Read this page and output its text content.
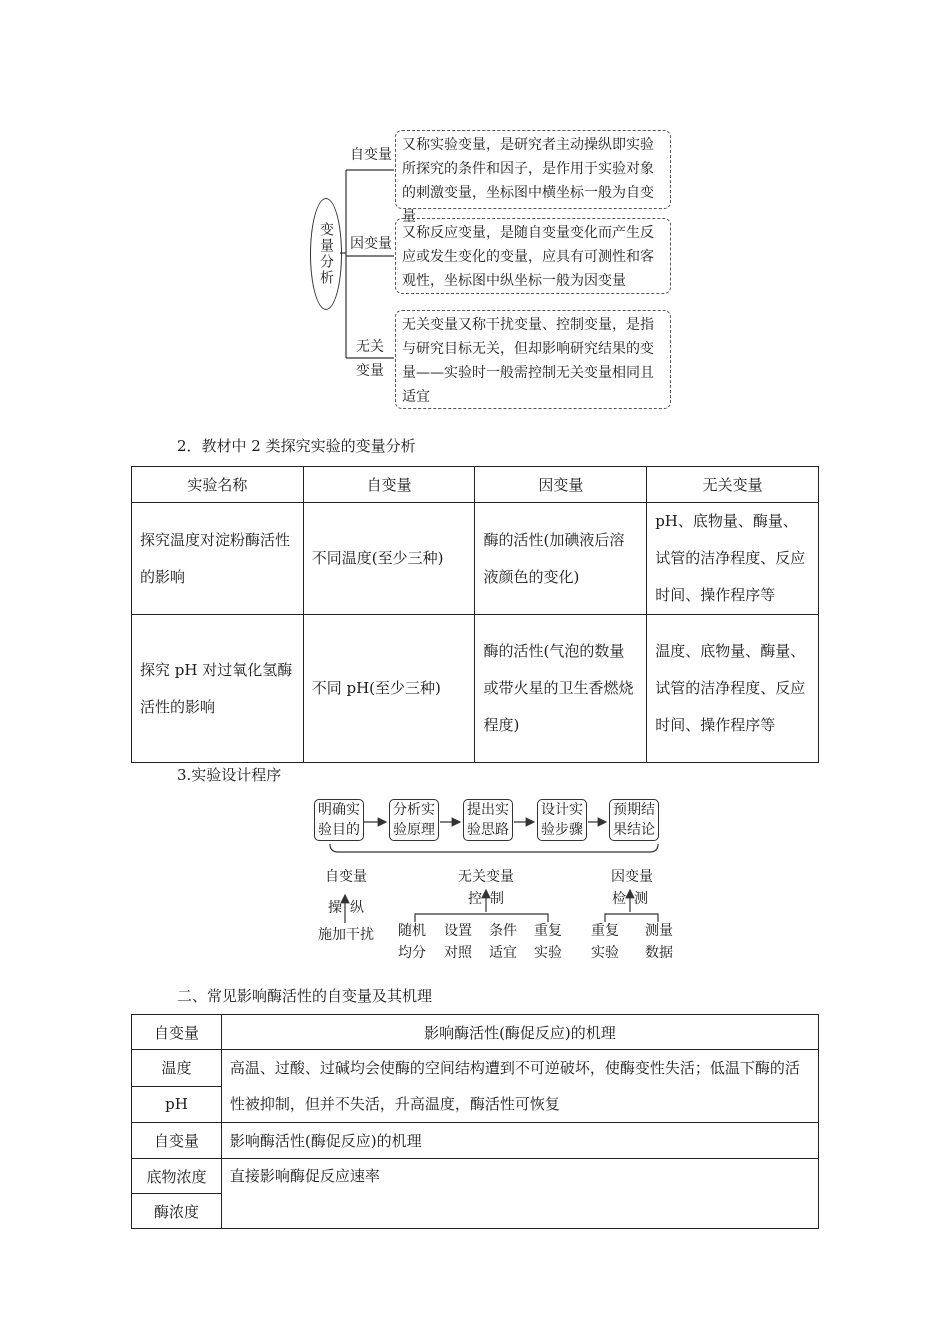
变量分析
自变量
因变量
无关
变量
又称实验变量，是研究者主动操纵即实验所探究的条件和因子，是作用于实验对象的刺激变量，坐标图中横坐标一般为自变量
又称反应变量，是随自变量变化而产生反应或发生变化的变量，应具有可测性和客观性，坐标图中纵坐标一般为因变量
无关变量又称干扰变量、控制变量，是指与研究目标无关，但却影响研究结果的变量——实验时一般需控制无关变量相同且适宜
2．教材中 2 类探究实验的变量分析
实验名称	自变量	因变量	无关变量
探究温度对淀粉酶活性的影响	不同温度(至少三种)	酶的活性(加碘液后溶液颜色的变化)	pH、底物量、酶量、试管的洁净程度、反应时间、操作程序等
探究 pH 对过氧化氢酶活性的影响	不同 pH(至少三种)	酶的活性(气泡的数量或带火星的卫生香燃烧程度)	温度、底物量、酶量、试管的洁净程度、反应时间、操作程序等
3.实验设计程序
明确实
验目的
分析实
验原理
提出实
验思路
设计实
验步骤
预期结
果结论
自变量
操 纵
施加干扰
无关变量
控 制
随机
均分
设置
对照
条件
适宜
重复
实验
因变量
检 测
重复
实验
测量
数据
二、常见影响酶活性的自变量及其机理
自变量	影响酶活性(酶促反应)的机理
温度	高温、过酸、过碱均会使酶的空间结构遭到不可逆破坏，使酶变性失活；低温下酶的活性被抑制，但并不失活，升高温度，酶活性可恢复
pH	
自变量	影响酶活性(酶促反应)的机理
底物浓度	直接影响酶促反应速率
酶浓度	
